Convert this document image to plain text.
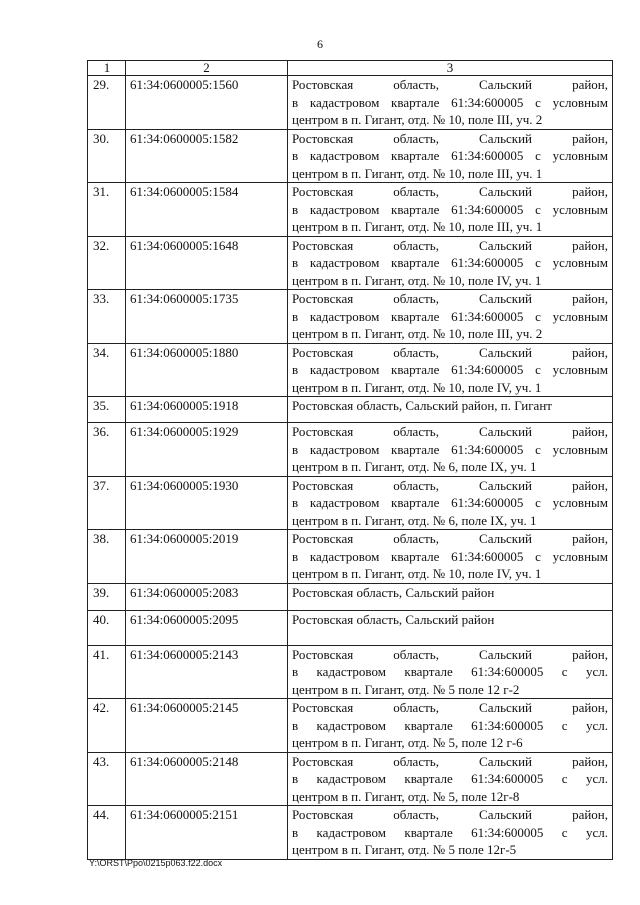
6
1	2	3
29.	61:34:0600005:1560	Ростовская область, Сальский район,
в кадастровом квартале 61:34:600005 с условным
центром в п. Гигант, отд. № 10, поле III, уч. 2

30.	61:34:0600005:1582	Ростовская область, Сальский район,
в кадастровом квартале 61:34:600005 с условным
центром в п. Гигант, отд. № 10, поле III, уч. 1

31.	61:34:0600005:1584	Ростовская область, Сальский район,
в кадастровом квартале 61:34:600005 с условным
центром в п. Гигант, отд. № 10, поле III, уч. 1

32.	61:34:0600005:1648	Ростовская область, Сальский район,
в кадастровом квартале 61:34:600005 с условным
центром в п. Гигант, отд. № 10, поле IV, уч. 1

33.	61:34:0600005:1735	Ростовская область, Сальский район,
в кадастровом квартале 61:34:600005 с условным
центром в п. Гигант, отд. № 10, поле III, уч. 2

34.	61:34:0600005:1880	Ростовская область, Сальский район,
в кадастровом квартале 61:34:600005 с условным
центром в п. Гигант, отд. № 10, поле IV, уч. 1

35.	61:34:0600005:1918	Ростовская область, Сальский район, п. Гигант

36.	61:34:0600005:1929	Ростовская область, Сальский район,
в кадастровом квартале 61:34:600005 с условным
центром в п. Гигант, отд. № 6, поле IX, уч. 1

37.	61:34:0600005:1930	Ростовская область, Сальский район,
в кадастровом квартале 61:34:600005 с условным
центром в п. Гигант, отд. № 6, поле IX, уч. 1

38.	61:34:0600005:2019	Ростовская область, Сальский район,
в кадастровом квартале 61:34:600005 с условным
центром в п. Гигант, отд. № 10, поле IV, уч. 1

39.	61:34:0600005:2083	Ростовская область, Сальский район

40.	61:34:0600005:2095	Ростовская область, Сальский район

41.	61:34:0600005:2143	Ростовская область, Сальский район,
в кадастровом квартале 61:34:600005 с усл.
центром в п. Гигант, отд. № 5 поле 12 г-2

42.	61:34:0600005:2145	Ростовская область, Сальский район,
в кадастровом квартале 61:34:600005 с усл.
центром в п. Гигант, отд. № 5, поле 12 г-6

43.	61:34:0600005:2148	Ростовская область, Сальский район,
в кадастровом квартале 61:34:600005 с усл.
центром в п. Гигант, отд. № 5, поле 12г-8

44.	61:34:0600005:2151	Ростовская область, Сальский район,
в кадастровом квартале 61:34:600005 с усл.
центром в п. Гигант, отд. № 5 поле 12г-5
Y:\ORST\Ppo\0215p063.f22.docx
